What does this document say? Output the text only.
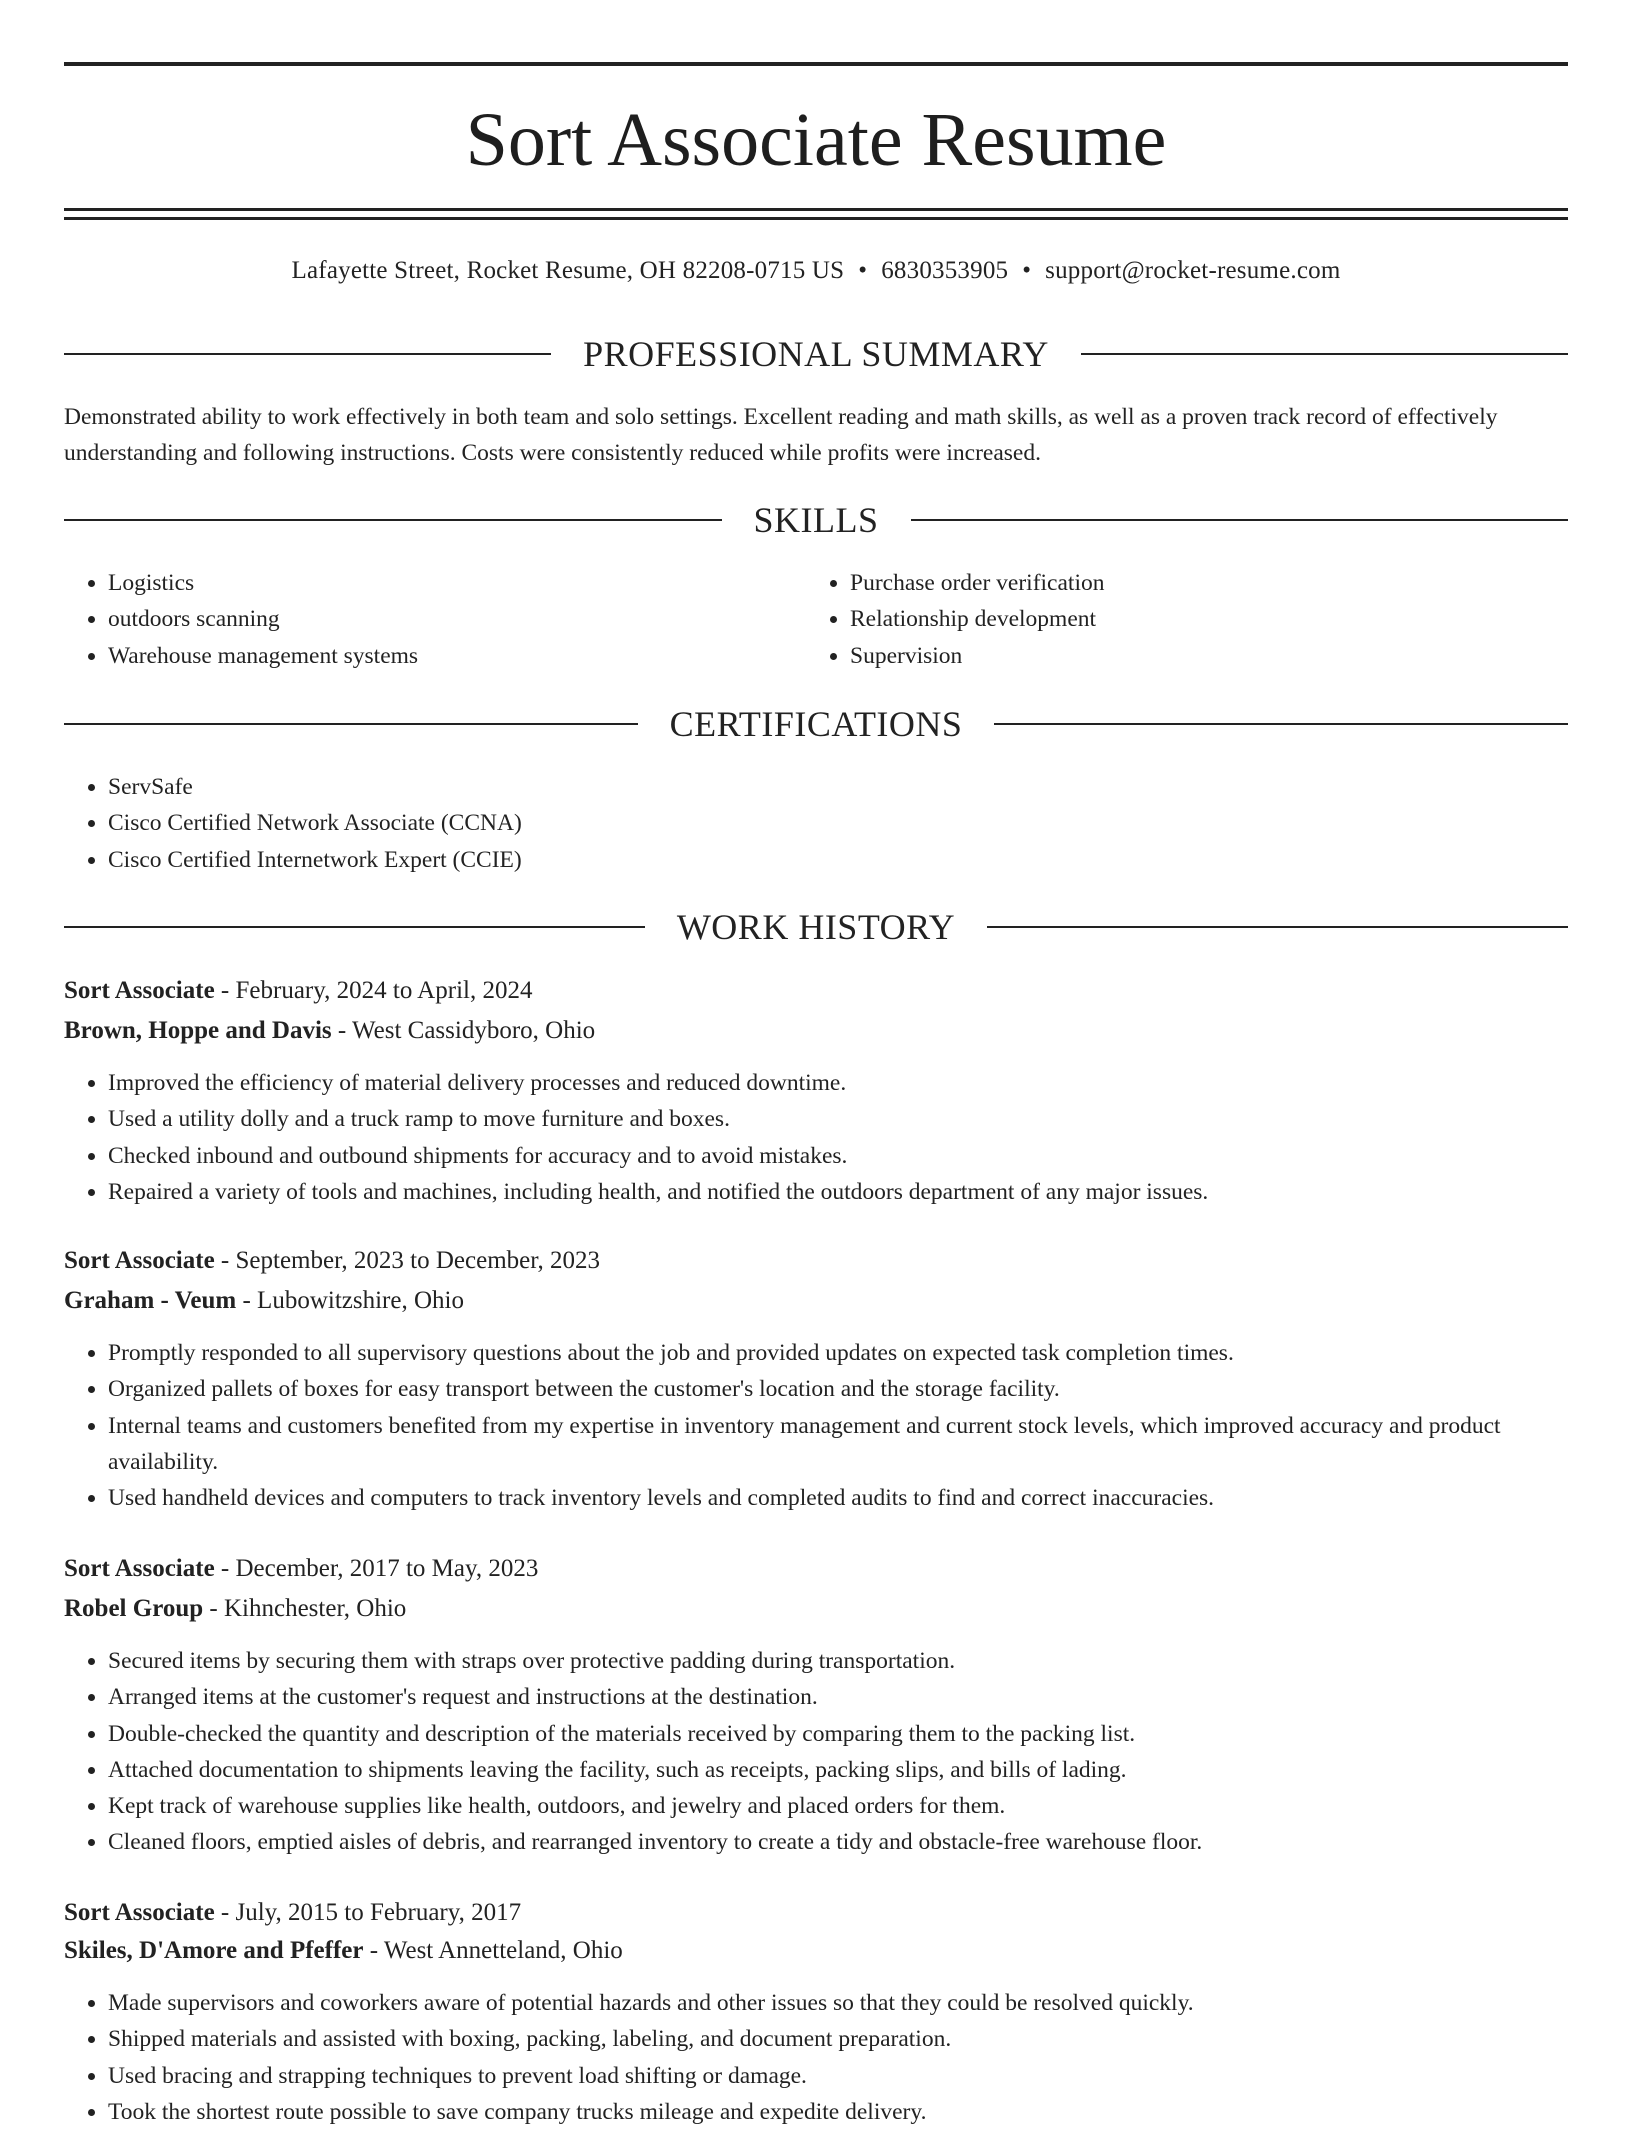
Sort Associate Resume
Lafayette Street, Rocket Resume, OH 82208-0715 US • 6830353905 • support@rocket-resume.com
PROFESSIONAL SUMMARY

Demonstrated ability to work effectively in both team and solo settings. Excellent reading and math skills, as well as a proven track record of effectively understanding and following instructions. Costs were consistently reduced while profits were increased.

SKILLS
• Logistics
• outdoors scanning
• Warehouse management systems
• Purchase order verification
• Relationship development
• Supervision
CERTIFICATIONS
• ServSafe
• Cisco Certified Network Associate (CCNA)
• Cisco Certified Internetwork Expert (CCIE)
WORK HISTORY
Sort Associate - February, 2024 to April, 2024
Brown, Hoppe and Davis - West Cassidyboro, Ohio
• Improved the efficiency of material delivery processes and reduced downtime.
• Used a utility dolly and a truck ramp to move furniture and boxes.
• Checked inbound and outbound shipments for accuracy and to avoid mistakes.
• Repaired a variety of tools and machines, including health, and notified the outdoors department of any major issues.
Sort Associate - September, 2023 to December, 2023
Graham - Veum - Lubowitzshire, Ohio
• Promptly responded to all supervisory questions about the job and provided updates on expected task completion times.
• Organized pallets of boxes for easy transport between the customer's location and the storage facility.
• Internal teams and customers benefited from my expertise in inventory management and current stock levels, which improved accuracy and product availability.
• Used handheld devices and computers to track inventory levels and completed audits to find and correct inaccuracies.
Sort Associate - December, 2017 to May, 2023
Robel Group - Kihnchester, Ohio
• Secured items by securing them with straps over protective padding during transportation.
• Arranged items at the customer's request and instructions at the destination.
• Double-checked the quantity and description of the materials received by comparing them to the packing list.
• Attached documentation to shipments leaving the facility, such as receipts, packing slips, and bills of lading.
• Kept track of warehouse supplies like health, outdoors, and jewelry and placed orders for them.
• Cleaned floors, emptied aisles of debris, and rearranged inventory to create a tidy and obstacle-free warehouse floor.
Sort Associate - July, 2015 to February, 2017
Skiles, D'Amore and Pfeffer - West Annetteland, Ohio
• Made supervisors and coworkers aware of potential hazards and other issues so that they could be resolved quickly.
• Shipped materials and assisted with boxing, packing, labeling, and document preparation.
• Used bracing and strapping techniques to prevent load shifting or damage.
• Took the shortest route possible to save company trucks mileage and expedite delivery.
